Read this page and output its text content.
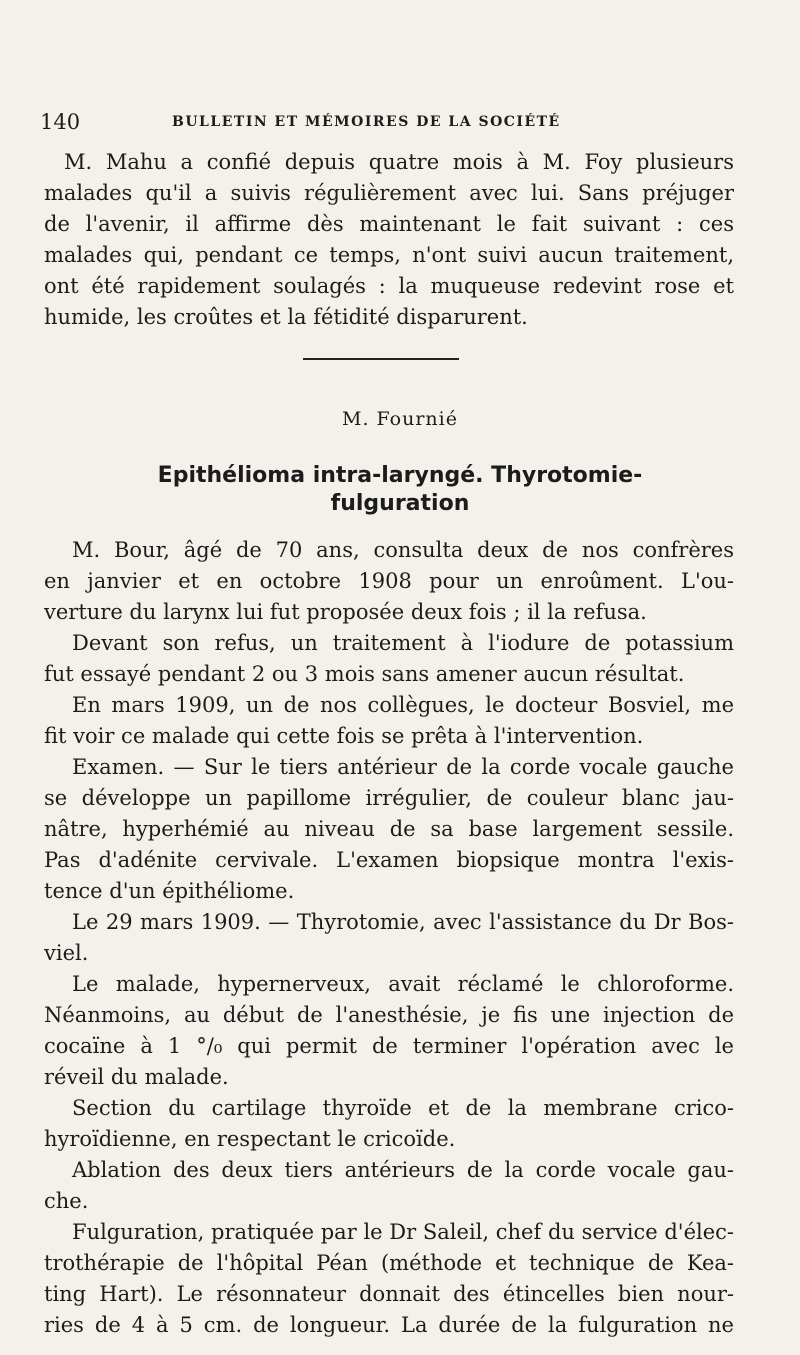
140	BULLETIN ET MÉMOIRES DE LA SOCIÉTÉ
M. Mahu a confié depuis quatre mois à M. Foy plusieurs
malades qu'il a suivis régulièrement avec lui. Sans préjuger
de l'avenir, il affirme dès maintenant le fait suivant : ces
malades qui, pendant ce temps, n'ont suivi aucun traitement,
ont été rapidement soulagés : la muqueuse redevint rose et
humide, les croûtes et la fétidité disparurent.
M. Fournié
Epithélioma intra-laryngé. Thyrotomie-
fulguration
M. Bour, âgé de 70 ans, consulta deux de nos confrères
en janvier et en octobre 1908 pour un enroûment. L'ou-
verture du larynx lui fut proposée deux fois ; il la refusa.
Devant son refus, un traitement à l'iodure de potassium
fut essayé pendant 2 ou 3 mois sans amener aucun résultat.
En mars 1909, un de nos collègues, le docteur Bosviel, me
fit voir ce malade qui cette fois se prêta à l'intervention.
Examen. — Sur le tiers antérieur de la corde vocale gauche
se développe un papillome irrégulier, de couleur blanc jau-
nâtre, hyperhémié au niveau de sa base largement sessile.
Pas d'adénite cervivale. L'examen biopsique montra l'exis-
tence d'un épithéliome.
Le 29 mars 1909. — Thyrotomie, avec l'assistance du Dr Bos-
viel.
Le malade, hypernerveux, avait réclamé le chloroforme.
Néanmoins, au début de l'anesthésie, je fis une injection de
cocaïne à 1 °/₀ qui permit de terminer l'opération avec le
réveil du malade.
Section du cartilage thyroïde et de la membrane crico-
hyroïdienne, en respectant le cricoïde.
Ablation des deux tiers antérieurs de la corde vocale gau-
che.
Fulguration, pratiquée par le Dr Saleil, chef du service d'élec-
trothérapie de l'hôpital Péan (méthode et technique de Kea-
ting Hart). Le résonnateur donnait des étincelles bien nour-
ries de 4 à 5 cm. de longueur. La durée de la fulguration ne
